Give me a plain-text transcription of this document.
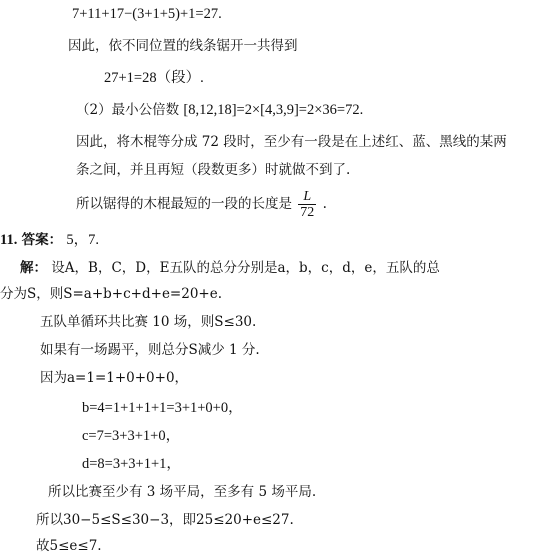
7+11+17−(3+1+5)+1=27.
因此，依不同位置的线条锯开一共得到
27+1=28（段）.
（2）最小公倍数 [8,12,18]=2×[4,3,9]=2×36=72.
因此，将木棍等分成 72 段时，至少有一段是在上述红、蓝、黑线的某两
条之间，并且再短（段数更多）时就做不到了.
所以锯得的木棍最短的一段的长度是 $\frac{L}{72}$ .
11. 答案： 5，7.
解： 设A，B，C，D，E五队的总分分别是a，b，c，d，e，五队的总
分为S，则S=a+b+c+d+e=20+e.
五队单循环共比赛 10 场，则S≤30.
如果有一场踢平，则总分S减少 1 分.
因为a=1=1+0+0+0，
b=4=1+1+1+1=3+1+0+0，
c=7=3+3+1+0，
d=8=3+3+1+1，
所以比赛至少有 3 场平局，至多有 5 场平局.
所以30−5≤S≤30−3，即25≤20+e≤27.
故5≤e≤7.
